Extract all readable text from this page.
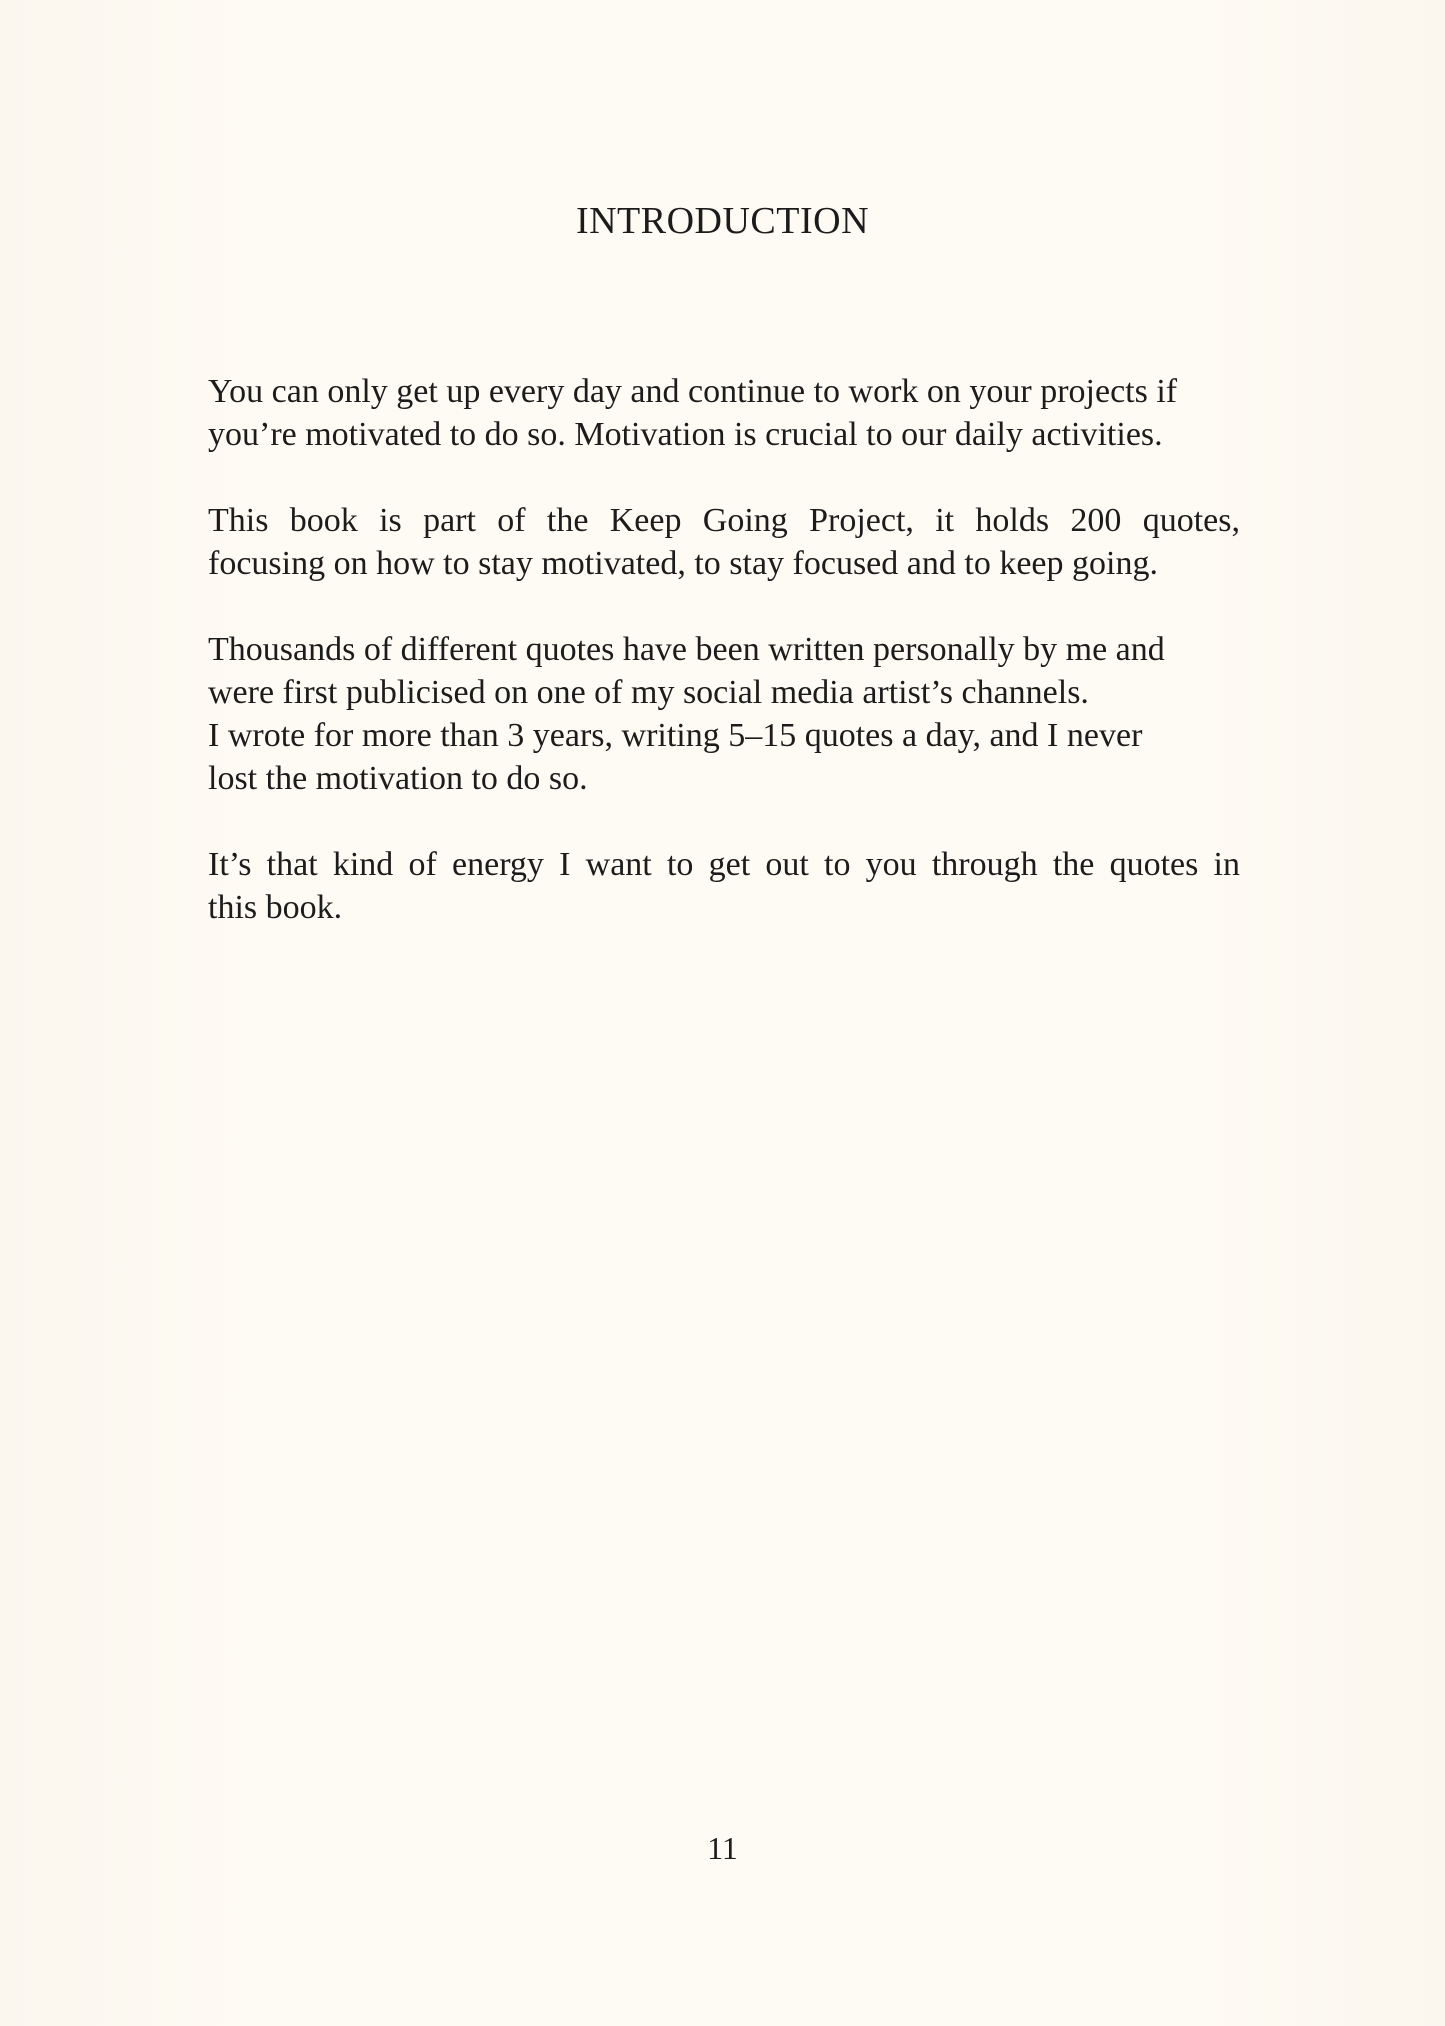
INTRODUCTION

You can only get up every day and continue to work on your projects if
you’re motivated to do so. Motivation is crucial to our daily activities.

This book is part of the Keep Going Project, it holds 200 quotes,
focusing on how to stay motivated, to stay focused and to keep going.

Thousands of different quotes have been written personally by me and
were first publicised on one of my social media artist’s channels.
I wrote for more than 3 years, writing 5–15 quotes a day, and I never
lost the motivation to do so.

It’s that kind of energy I want to get out to you through the quotes in
this book.

11
